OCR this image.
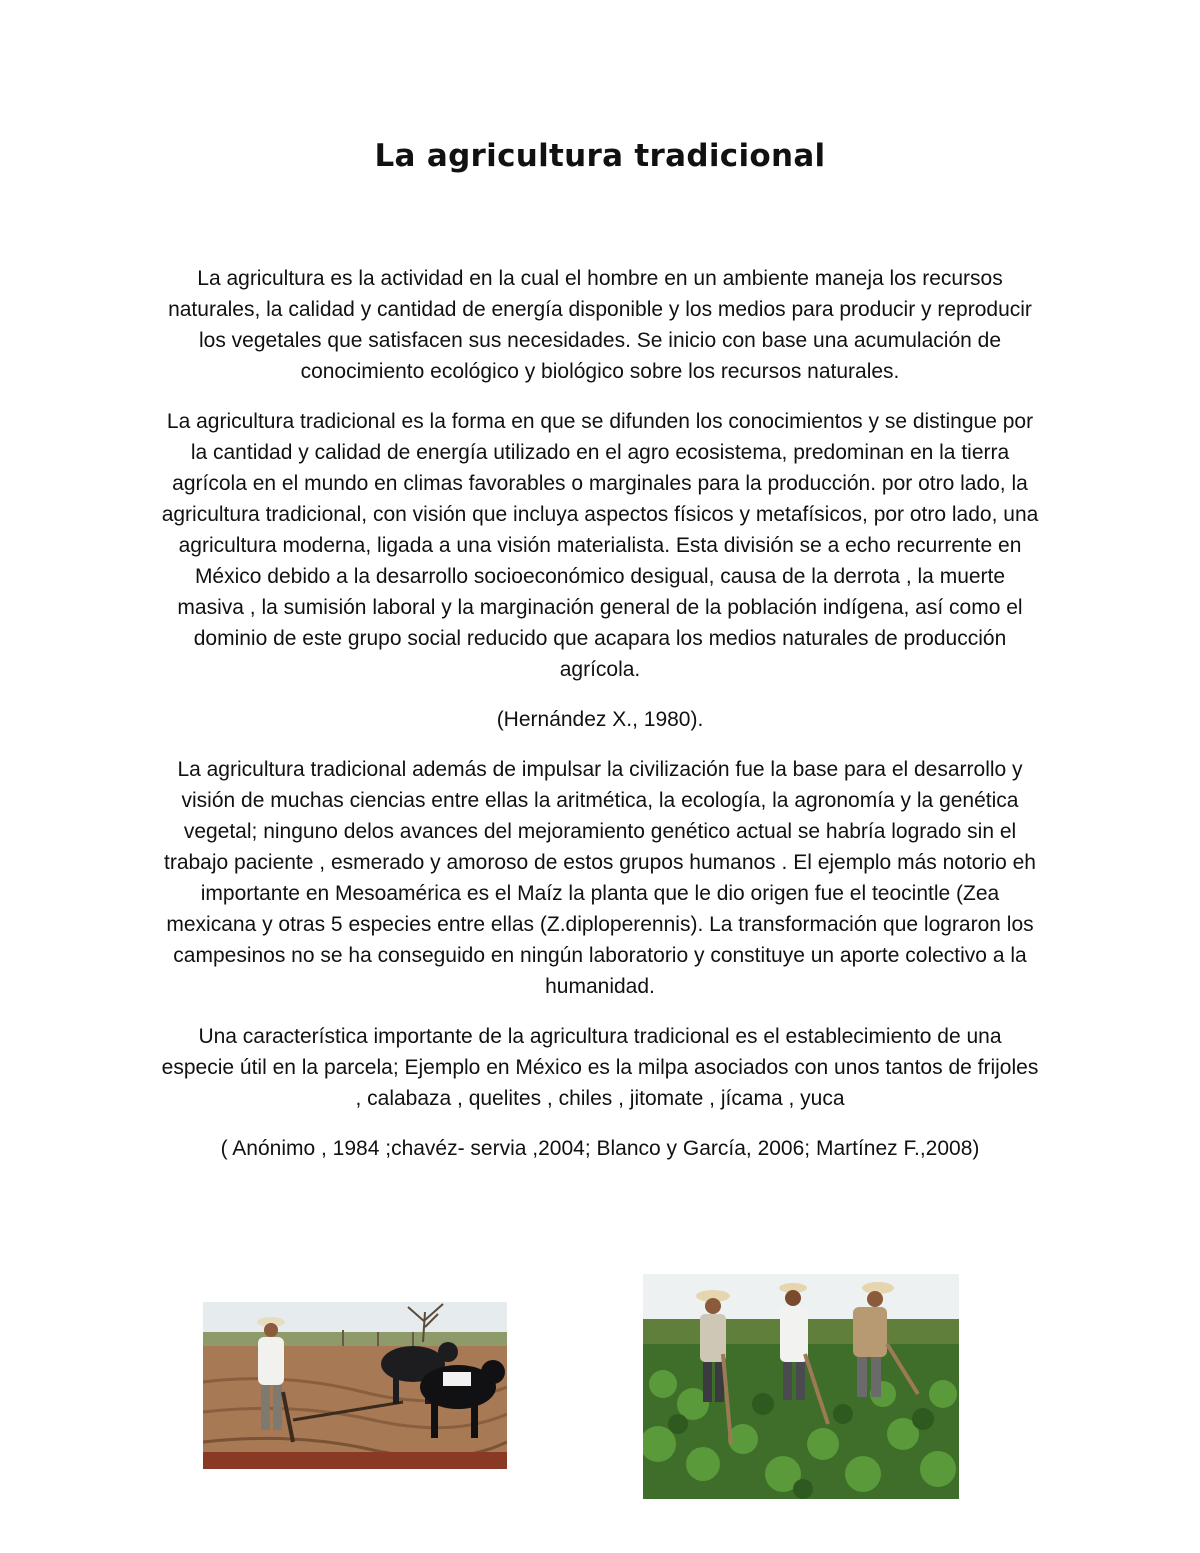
La agricultura tradicional

La agricultura es la actividad en la cual el hombre en un ambiente maneja los recursos naturales, la calidad y cantidad de energía disponible y los medios para producir y reproducir los vegetales que satisfacen sus necesidades. Se inicio con base una acumulación de conocimiento ecológico y biológico sobre los recursos naturales.

La agricultura tradicional es la forma en que se difunden los conocimientos y se distingue por la cantidad y calidad de energía utilizado en el agro ecosistema, predominan en la tierra agrícola en el mundo en climas favorables o marginales para la producción. por otro lado, la agricultura tradicional, con visión que incluya aspectos físicos y metafísicos, por otro lado, una agricultura moderna, ligada a una visión materialista. Esta división se a echo recurrente en México debido a la desarrollo socioeconómico desigual, causa de la derrota , la muerte masiva , la sumisión laboral y la marginación general de la población indígena, así como el dominio de este grupo social reducido que acapara los medios naturales de producción agrícola.

(Hernández X., 1980).

La agricultura tradicional además de impulsar la civilización fue la base para el desarrollo y visión de muchas ciencias entre ellas la aritmética, la ecología, la agronomía y la genética vegetal; ninguno delos avances del mejoramiento genético actual se habría logrado sin el trabajo paciente , esmerado y amoroso de estos grupos humanos . El ejemplo más notorio eh importante en Mesoamérica es el Maíz la planta que le dio origen fue el teocintle (Zea mexicana y otras 5 especies entre ellas (Z.diploperennis). La transformación que lograron los campesinos no se ha conseguido en ningún laboratorio y constituye un aporte colectivo a la humanidad.

Una característica importante de la agricultura tradicional es el establecimiento de una especie útil en la parcela; Ejemplo en México es la milpa asociados con unos tantos de frijoles , calabaza , quelites , chiles , jitomate , jícama , yuca

( Anónimo , 1984 ;chavéz- servia ,2004; Blanco y García, 2006; Martínez F.,2008)
